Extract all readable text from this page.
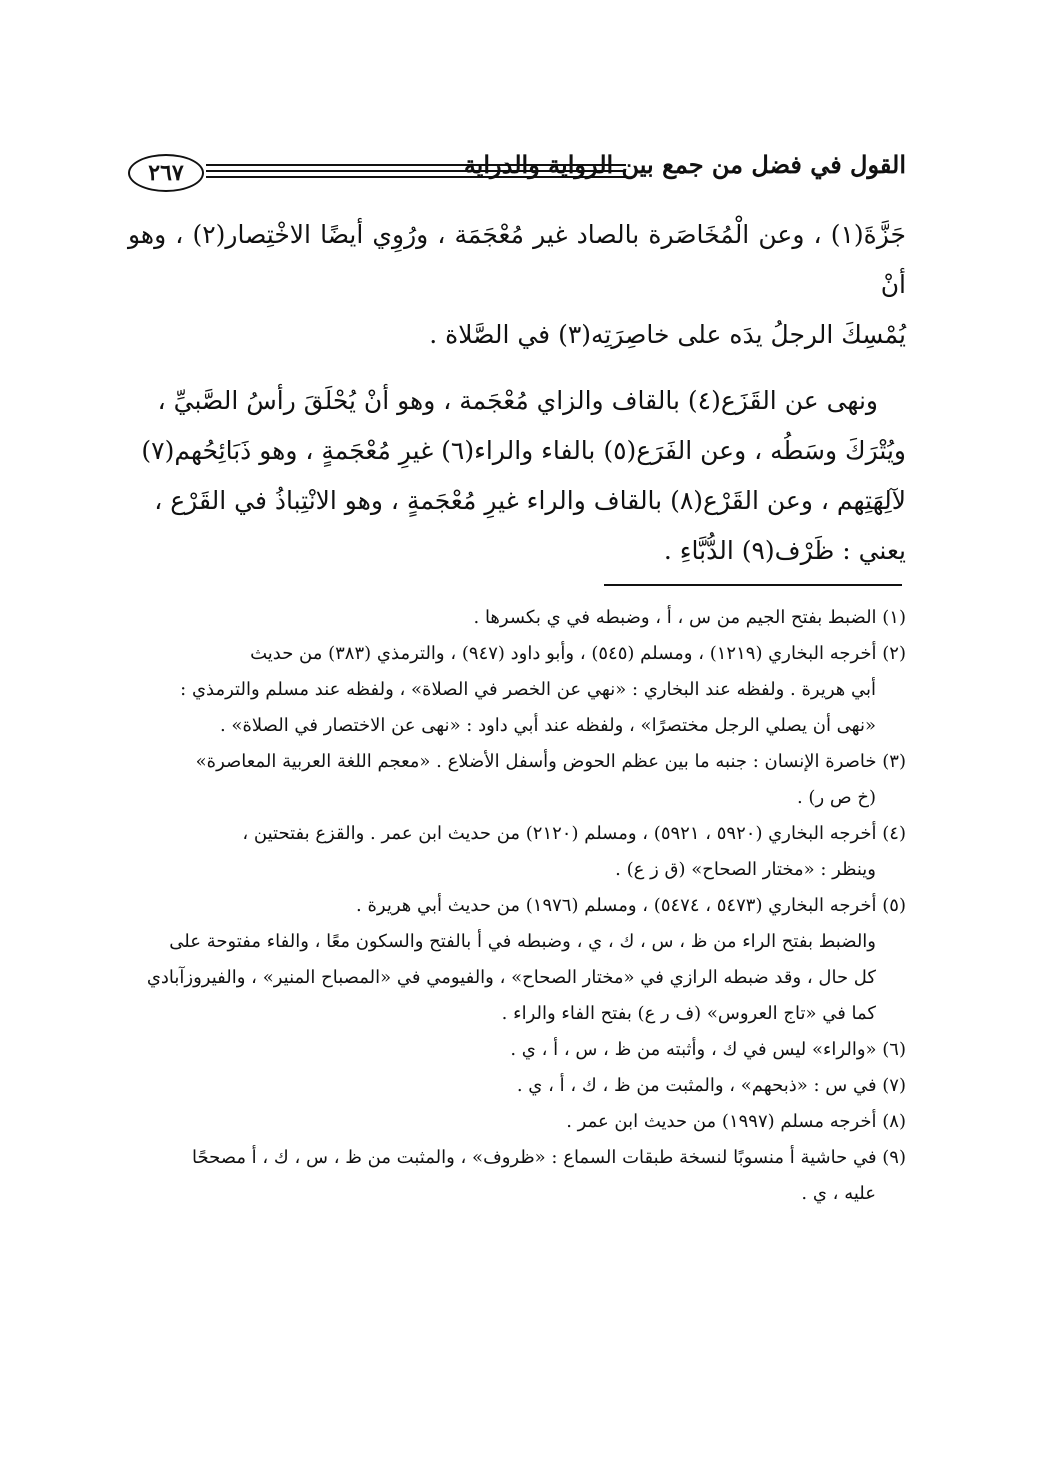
٢٦٧	القول في فضل من جمع بين الرواية والدراية

جَزَّةَ(١) ، وعن الْمُخَاصَرة بالصاد غير مُعْجَمَة ، ورُوِي أيضًا الاخْتِصار(٢) ، وهو أنْ
يُمْسِكَ الرجلُ يدَه على خاصِرَتِه(٣) في الصَّلاة .

ونهى عن القَزَع(٤) بالقاف والزاي مُعْجَمة ، وهو أنْ يُحْلَقَ رأسُ الصَّبيِّ ،
ويُتْرَكَ وسَطُه ، وعن الفَرَع(٥) بالفاء والراء(٦) غيرِ مُعْجَمةٍ ، وهو ذَبَائِحُهم(٧)
لآلِهَتِهم ، وعن القَرْع(٨) بالقاف والراء غيرِ مُعْجَمةٍ ، وهو الانْتِباذُ في القَرْع ،
يعني : ظَرْف(٩) الدُّبَّاءِ .

(١) الضبط بفتح الجيم من س ، أ ، وضبطه في ي بكسرها .
(٢) أخرجه البخاري (١٢١٩) ، ومسلم (٥٤٥) ، وأبو داود (٩٤٧) ، والترمذي (٣٨٣) من حديث
أبي هريرة . ولفظه عند البخاري : «نهي عن الخصر في الصلاة» ، ولفظه عند مسلم والترمذي :
«نهى أن يصلي الرجل مختصرًا» ، ولفظه عند أبي داود : «نهى عن الاختصار في الصلاة» .
(٣) خاصرة الإنسان : جنبه ما بين عظم الحوض وأسفل الأضلاع . «معجم اللغة العربية المعاصرة»
(خ ص ر) .
(٤) أخرجه البخاري (٥٩٢٠ ، ٥٩٢١) ، ومسلم (٢١٢٠) من حديث ابن عمر . والقزع بفتحتين ،
وينظر : «مختار الصحاح» (ق ز ع) .
(٥) أخرجه البخاري (٥٤٧٣ ، ٥٤٧٤) ، ومسلم (١٩٧٦) من حديث أبي هريرة .
والضبط بفتح الراء من ظ ، س ، ك ، ي ، وضبطه في أ بالفتح والسكون معًا ، والفاء مفتوحة على
كل حال ، وقد ضبطه الرازي في «مختار الصحاح» ، والفيومي في «المصباح المنير» ، والفيروزآبادي
كما في «تاج العروس» (ف ر ع) بفتح الفاء والراء .
(٦) «والراء» ليس في ك ، وأثبته من ظ ، س ، أ ، ي .
(٧) في س : «ذبحهم» ، والمثبت من ظ ، ك ، أ ، ي .
(٨) أخرجه مسلم (١٩٩٧) من حديث ابن عمر .
(٩) في حاشية أ منسوبًا لنسخة طبقات السماع : «ظروف» ، والمثبت من ظ ، س ، ك ، أ مصححًا
عليه ، ي .
